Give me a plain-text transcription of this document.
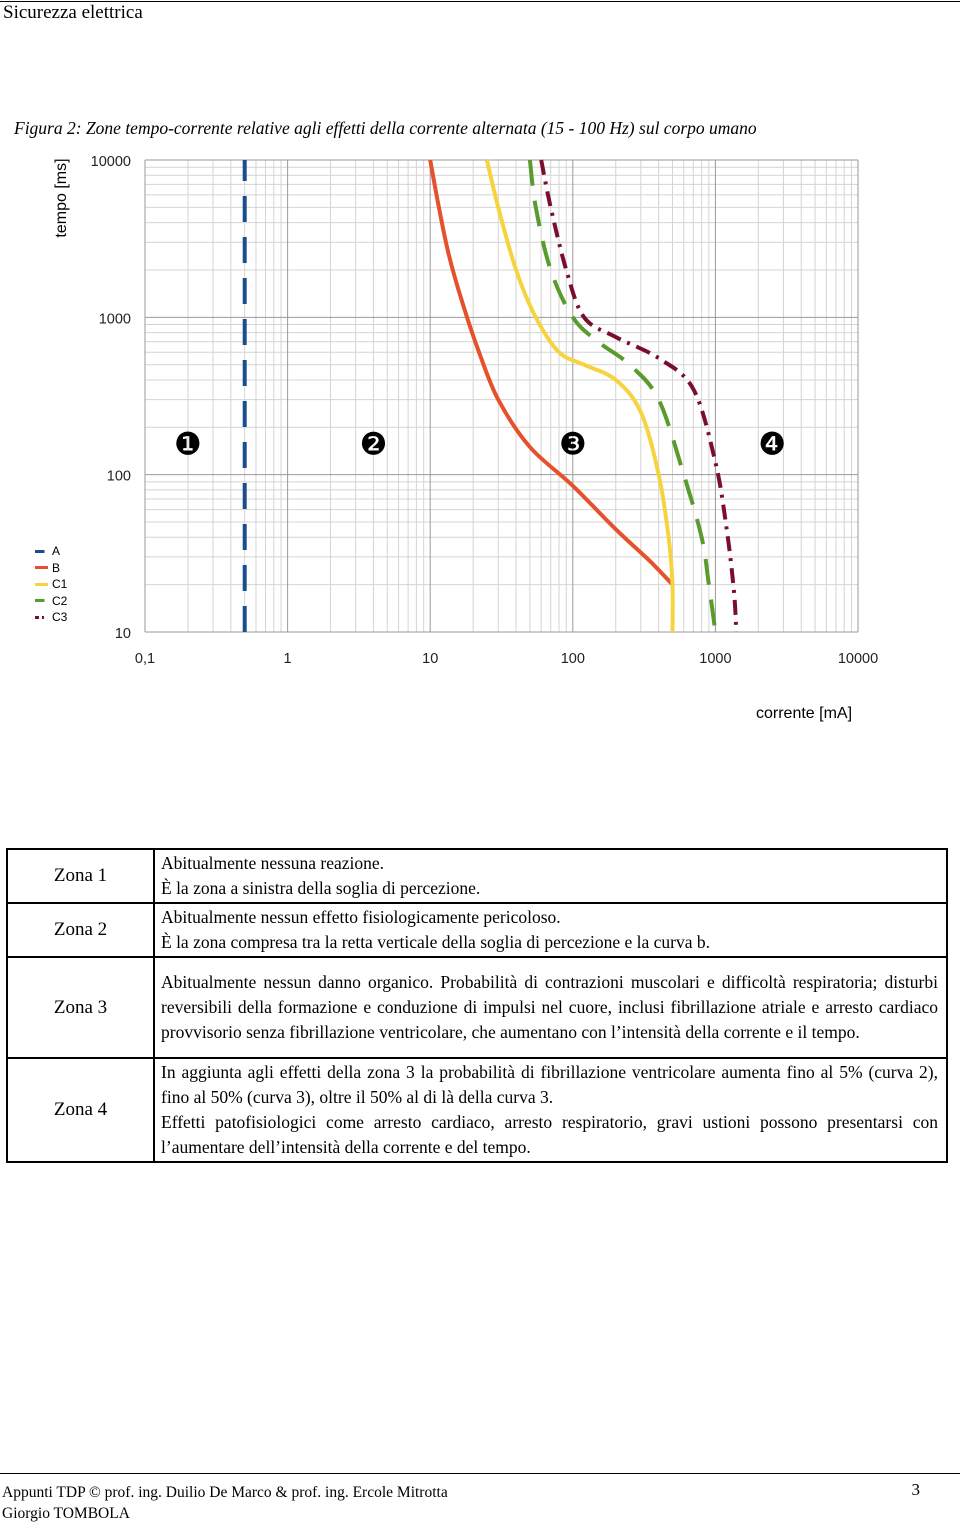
Sicurezza elettrica
Figura 2: Zone tempo-corrente relative agli effetti della corrente alternata (15 - 100 Hz) sul corpo umano
0,1	1	10	100	1000	10000
10
100
1000
10000
tempo [ms]
❶	❷	❸	❹
corrente [mA]
A
B
C1
C2
C3
Zona 1	Abitualmente nessuna reazione.
È la zona a sinistra della soglia di percezione.

Zona 2	Abitualmente nessun effetto fisiologicamente pericoloso.
È la zona compresa tra la retta verticale della soglia di percezione e la curva b.

Zona 3	Abitualmente nessun danno organico. Probabilità di contrazioni muscolari e difficoltà respiratoria; disturbi reversibili della formazione e conduzione di impulsi nel cuore, inclusi fibrillazione atriale e arresto cardiaco provvisorio senza fibrillazione ventricolare, che aumentano con l’intensità della corrente e il tempo.

Zona 4	In aggiunta agli effetti della zona 3 la probabilità di fibrillazione ventricolare aumenta fino al 5% (curva 2), fino al 50% (curva 3), oltre il 50% al di là della curva 3.
Effetti patofisiologici come arresto cardiaco, arresto respiratorio, gravi ustioni possono presentarsi con l’aumentare dell’intensità della corrente e del tempo.
Appunti TDP © prof. ing. Duilio De Marco & prof. ing. Ercole Mitrotta
Giorgio TOMBOLA
3
